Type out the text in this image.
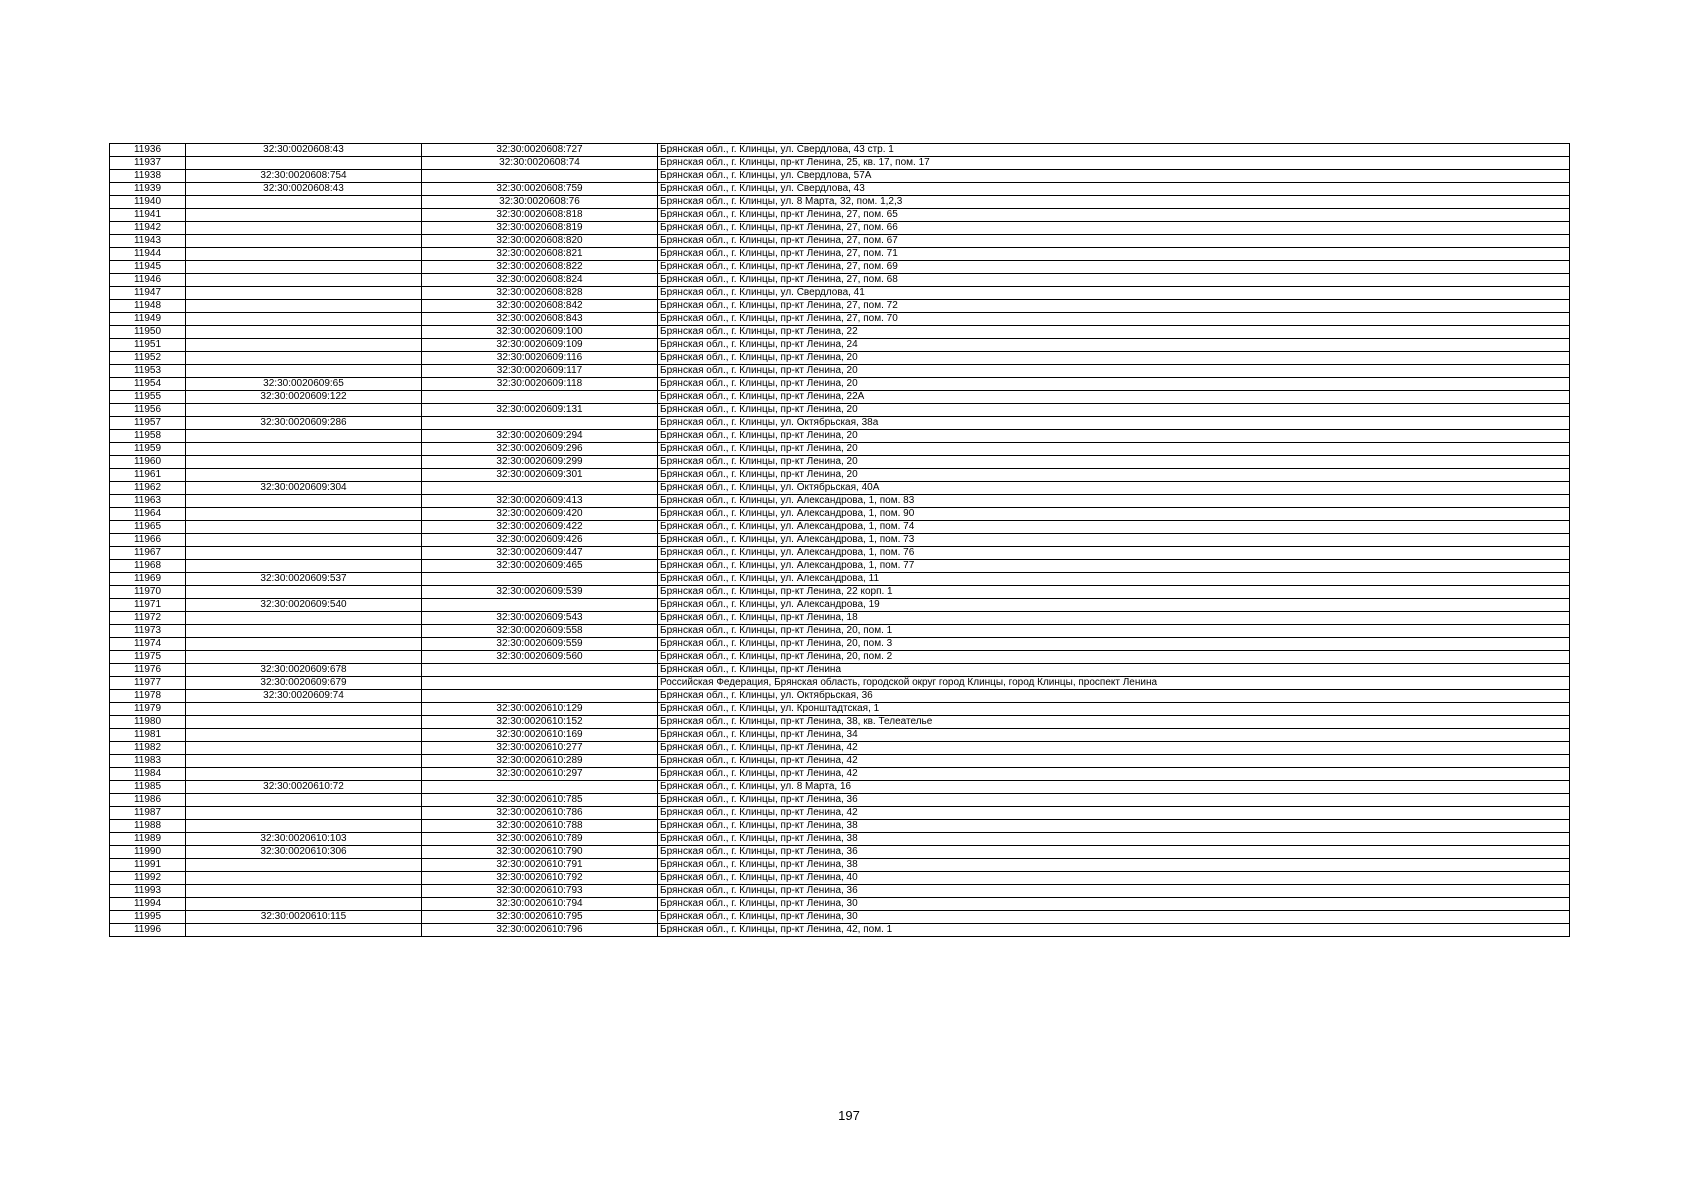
11936	32:30:0020608:43	32:30:0020608:727	Брянская обл., г. Клинцы, ул. Свердлова, 43 стр. 1
11937		32:30:0020608:74	Брянская обл., г. Клинцы, пр-кт Ленина, 25, кв. 17, пом. 17
11938	32:30:0020608:754		Брянская обл., г. Клинцы, ул. Свердлова, 57А
11939	32:30:0020608:43	32:30:0020608:759	Брянская обл., г. Клинцы, ул. Свердлова, 43
11940		32:30:0020608:76	Брянская обл., г. Клинцы, ул. 8 Марта, 32, пом. 1,2,3
11941		32:30:0020608:818	Брянская обл., г. Клинцы, пр-кт Ленина, 27, пом. 65
11942		32:30:0020608:819	Брянская обл., г. Клинцы, пр-кт Ленина, 27, пом. 66
11943		32:30:0020608:820	Брянская обл., г. Клинцы, пр-кт Ленина, 27, пом. 67
11944		32:30:0020608:821	Брянская обл., г. Клинцы, пр-кт Ленина, 27, пом. 71
11945		32:30:0020608:822	Брянская обл., г. Клинцы, пр-кт Ленина, 27, пом. 69
11946		32:30:0020608:824	Брянская обл., г. Клинцы, пр-кт Ленина, 27, пом. 68
11947		32:30:0020608:828	Брянская обл., г. Клинцы, ул. Свердлова, 41
11948		32:30:0020608:842	Брянская обл., г. Клинцы, пр-кт Ленина, 27, пом. 72
11949		32:30:0020608:843	Брянская обл., г. Клинцы, пр-кт Ленина, 27, пом. 70
11950		32:30:0020609:100	Брянская обл., г. Клинцы, пр-кт Ленина, 22
11951		32:30:0020609:109	Брянская обл., г. Клинцы, пр-кт Ленина, 24
11952		32:30:0020609:116	Брянская обл., г. Клинцы, пр-кт Ленина, 20
11953		32:30:0020609:117	Брянская обл., г. Клинцы, пр-кт Ленина, 20
11954	32:30:0020609:65	32:30:0020609:118	Брянская обл., г. Клинцы, пр-кт Ленина, 20
11955	32:30:0020609:122		Брянская обл., г. Клинцы, пр-кт Ленина, 22А
11956		32:30:0020609:131	Брянская обл., г. Клинцы, пр-кт Ленина, 20
11957	32:30:0020609:286		Брянская обл., г. Клинцы, ул. Октябрьская, 38а
11958		32:30:0020609:294	Брянская обл., г. Клинцы, пр-кт Ленина, 20
11959		32:30:0020609:296	Брянская обл., г. Клинцы, пр-кт Ленина, 20
11960		32:30:0020609:299	Брянская обл., г. Клинцы, пр-кт Ленина, 20
11961		32:30:0020609:301	Брянская обл., г. Клинцы, пр-кт Ленина, 20
11962	32:30:0020609:304		Брянская обл., г. Клинцы, ул. Октябрьская, 40А
11963		32:30:0020609:413	Брянская обл., г. Клинцы, ул. Александрова, 1, пом. 83
11964		32:30:0020609:420	Брянская обл., г. Клинцы, ул. Александрова, 1, пом. 90
11965		32:30:0020609:422	Брянская обл., г. Клинцы, ул. Александрова, 1, пом. 74
11966		32:30:0020609:426	Брянская обл., г. Клинцы, ул. Александрова, 1, пом. 73
11967		32:30:0020609:447	Брянская обл., г. Клинцы, ул. Александрова, 1, пом. 76
11968		32:30:0020609:465	Брянская обл., г. Клинцы, ул. Александрова, 1, пом. 77
11969	32:30:0020609:537		Брянская обл., г. Клинцы, ул. Александрова, 11
11970		32:30:0020609:539	Брянская обл., г. Клинцы, пр-кт Ленина, 22 корп. 1
11971	32:30:0020609:540		Брянская обл., г. Клинцы, ул. Александрова, 19
11972		32:30:0020609:543	Брянская обл., г. Клинцы, пр-кт Ленина, 18
11973		32:30:0020609:558	Брянская обл., г. Клинцы, пр-кт Ленина, 20, пом. 1
11974		32:30:0020609:559	Брянская обл., г. Клинцы, пр-кт Ленина, 20, пом. 3
11975		32:30:0020609:560	Брянская обл., г. Клинцы, пр-кт Ленина, 20, пом. 2
11976	32:30:0020609:678		Брянская обл., г. Клинцы, пр-кт Ленина
11977	32:30:0020609:679		Российская Федерация, Брянская область, городской округ город Клинцы, город Клинцы, проспект Ленина
11978	32:30:0020609:74		Брянская обл., г. Клинцы, ул. Октябрьская, 36
11979		32:30:0020610:129	Брянская обл., г. Клинцы, ул. Кронштадтская, 1
11980		32:30:0020610:152	Брянская обл., г. Клинцы, пр-кт Ленина, 38, кв. Телеателье
11981		32:30:0020610:169	Брянская обл., г. Клинцы, пр-кт Ленина, 34
11982		32:30:0020610:277	Брянская обл., г. Клинцы, пр-кт Ленина, 42
11983		32:30:0020610:289	Брянская обл., г. Клинцы, пр-кт Ленина, 42
11984		32:30:0020610:297	Брянская обл., г. Клинцы, пр-кт Ленина, 42
11985	32:30:0020610:72		Брянская обл., г. Клинцы, ул. 8 Марта, 16
11986		32:30:0020610:785	Брянская обл., г. Клинцы, пр-кт Ленина, 36
11987		32:30:0020610:786	Брянская обл., г. Клинцы, пр-кт Ленина, 42
11988		32:30:0020610:788	Брянская обл., г. Клинцы, пр-кт Ленина, 38
11989	32:30:0020610:103	32:30:0020610:789	Брянская обл., г. Клинцы, пр-кт Ленина, 38
11990	32:30:0020610:306	32:30:0020610:790	Брянская обл., г. Клинцы, пр-кт Ленина, 36
11991		32:30:0020610:791	Брянская обл., г. Клинцы, пр-кт Ленина, 38
11992		32:30:0020610:792	Брянская обл., г. Клинцы, пр-кт Ленина, 40
11993		32:30:0020610:793	Брянская обл., г. Клинцы, пр-кт Ленина, 36
11994		32:30:0020610:794	Брянская обл., г. Клинцы, пр-кт Ленина, 30
11995	32:30:0020610:115	32:30:0020610:795	Брянская обл., г. Клинцы, пр-кт Ленина, 30
11996		32:30:0020610:796	Брянская обл., г. Клинцы, пр-кт Ленина, 42, пом. 1
197
